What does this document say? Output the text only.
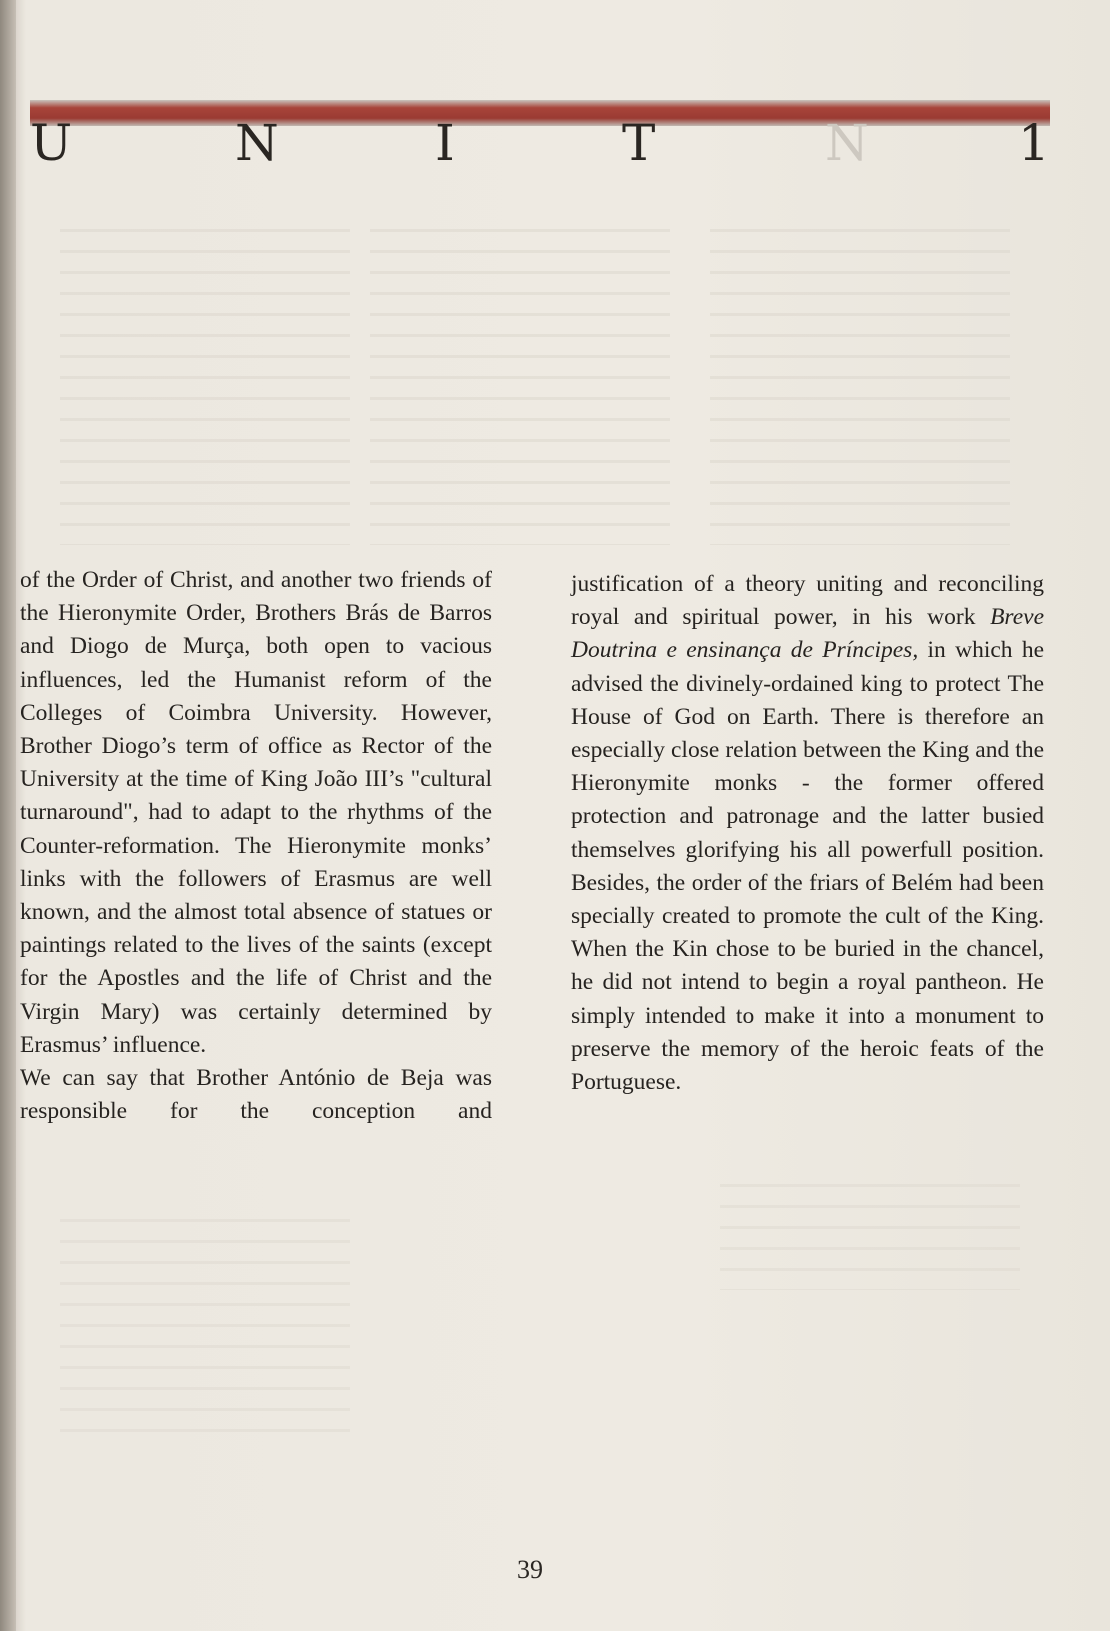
U	N	I	T	N	1

of the Order of Christ, and another two friends of the Hieronymite Order, Brothers Brás de Barros and Diogo de Murça, both open to vacious influences, led the Humanist reform of the Colleges of Coimbra University. However, Brother Diogo’s term of office as Rector of the University at the time of King João III’s "cultural turnaround", had to adapt to the rhythms of the Counter-reformation. The Hieronymite monks’ links with the followers of Erasmus are well known, and the almost total absence of statues or paintings related to the lives of the saints (except for the Apostles and the life of Christ and the Virgin Mary) was certainly determined by Erasmus’ influence.

We can say that Brother António de Beja was responsible for the conception and

justification of a theory uniting and reconciling royal and spiritual power, in his work Breve Doutrina e ensinança de Príncipes, in which he advised the divinely-ordained king to protect The House of God on Earth. There is therefore an especially close relation between the King and the Hieronymite monks - the former offered protection and patronage and the latter busied themselves glorifying his all powerfull position. Besides, the order of the friars of Belém had been specially created to promote the cult of the King. When the Kin chose to be buried in the chancel, he did not intend to begin a royal pantheon. He simply intended to make it into a monument to preserve the memory of the heroic feats of the Portuguese.

39
